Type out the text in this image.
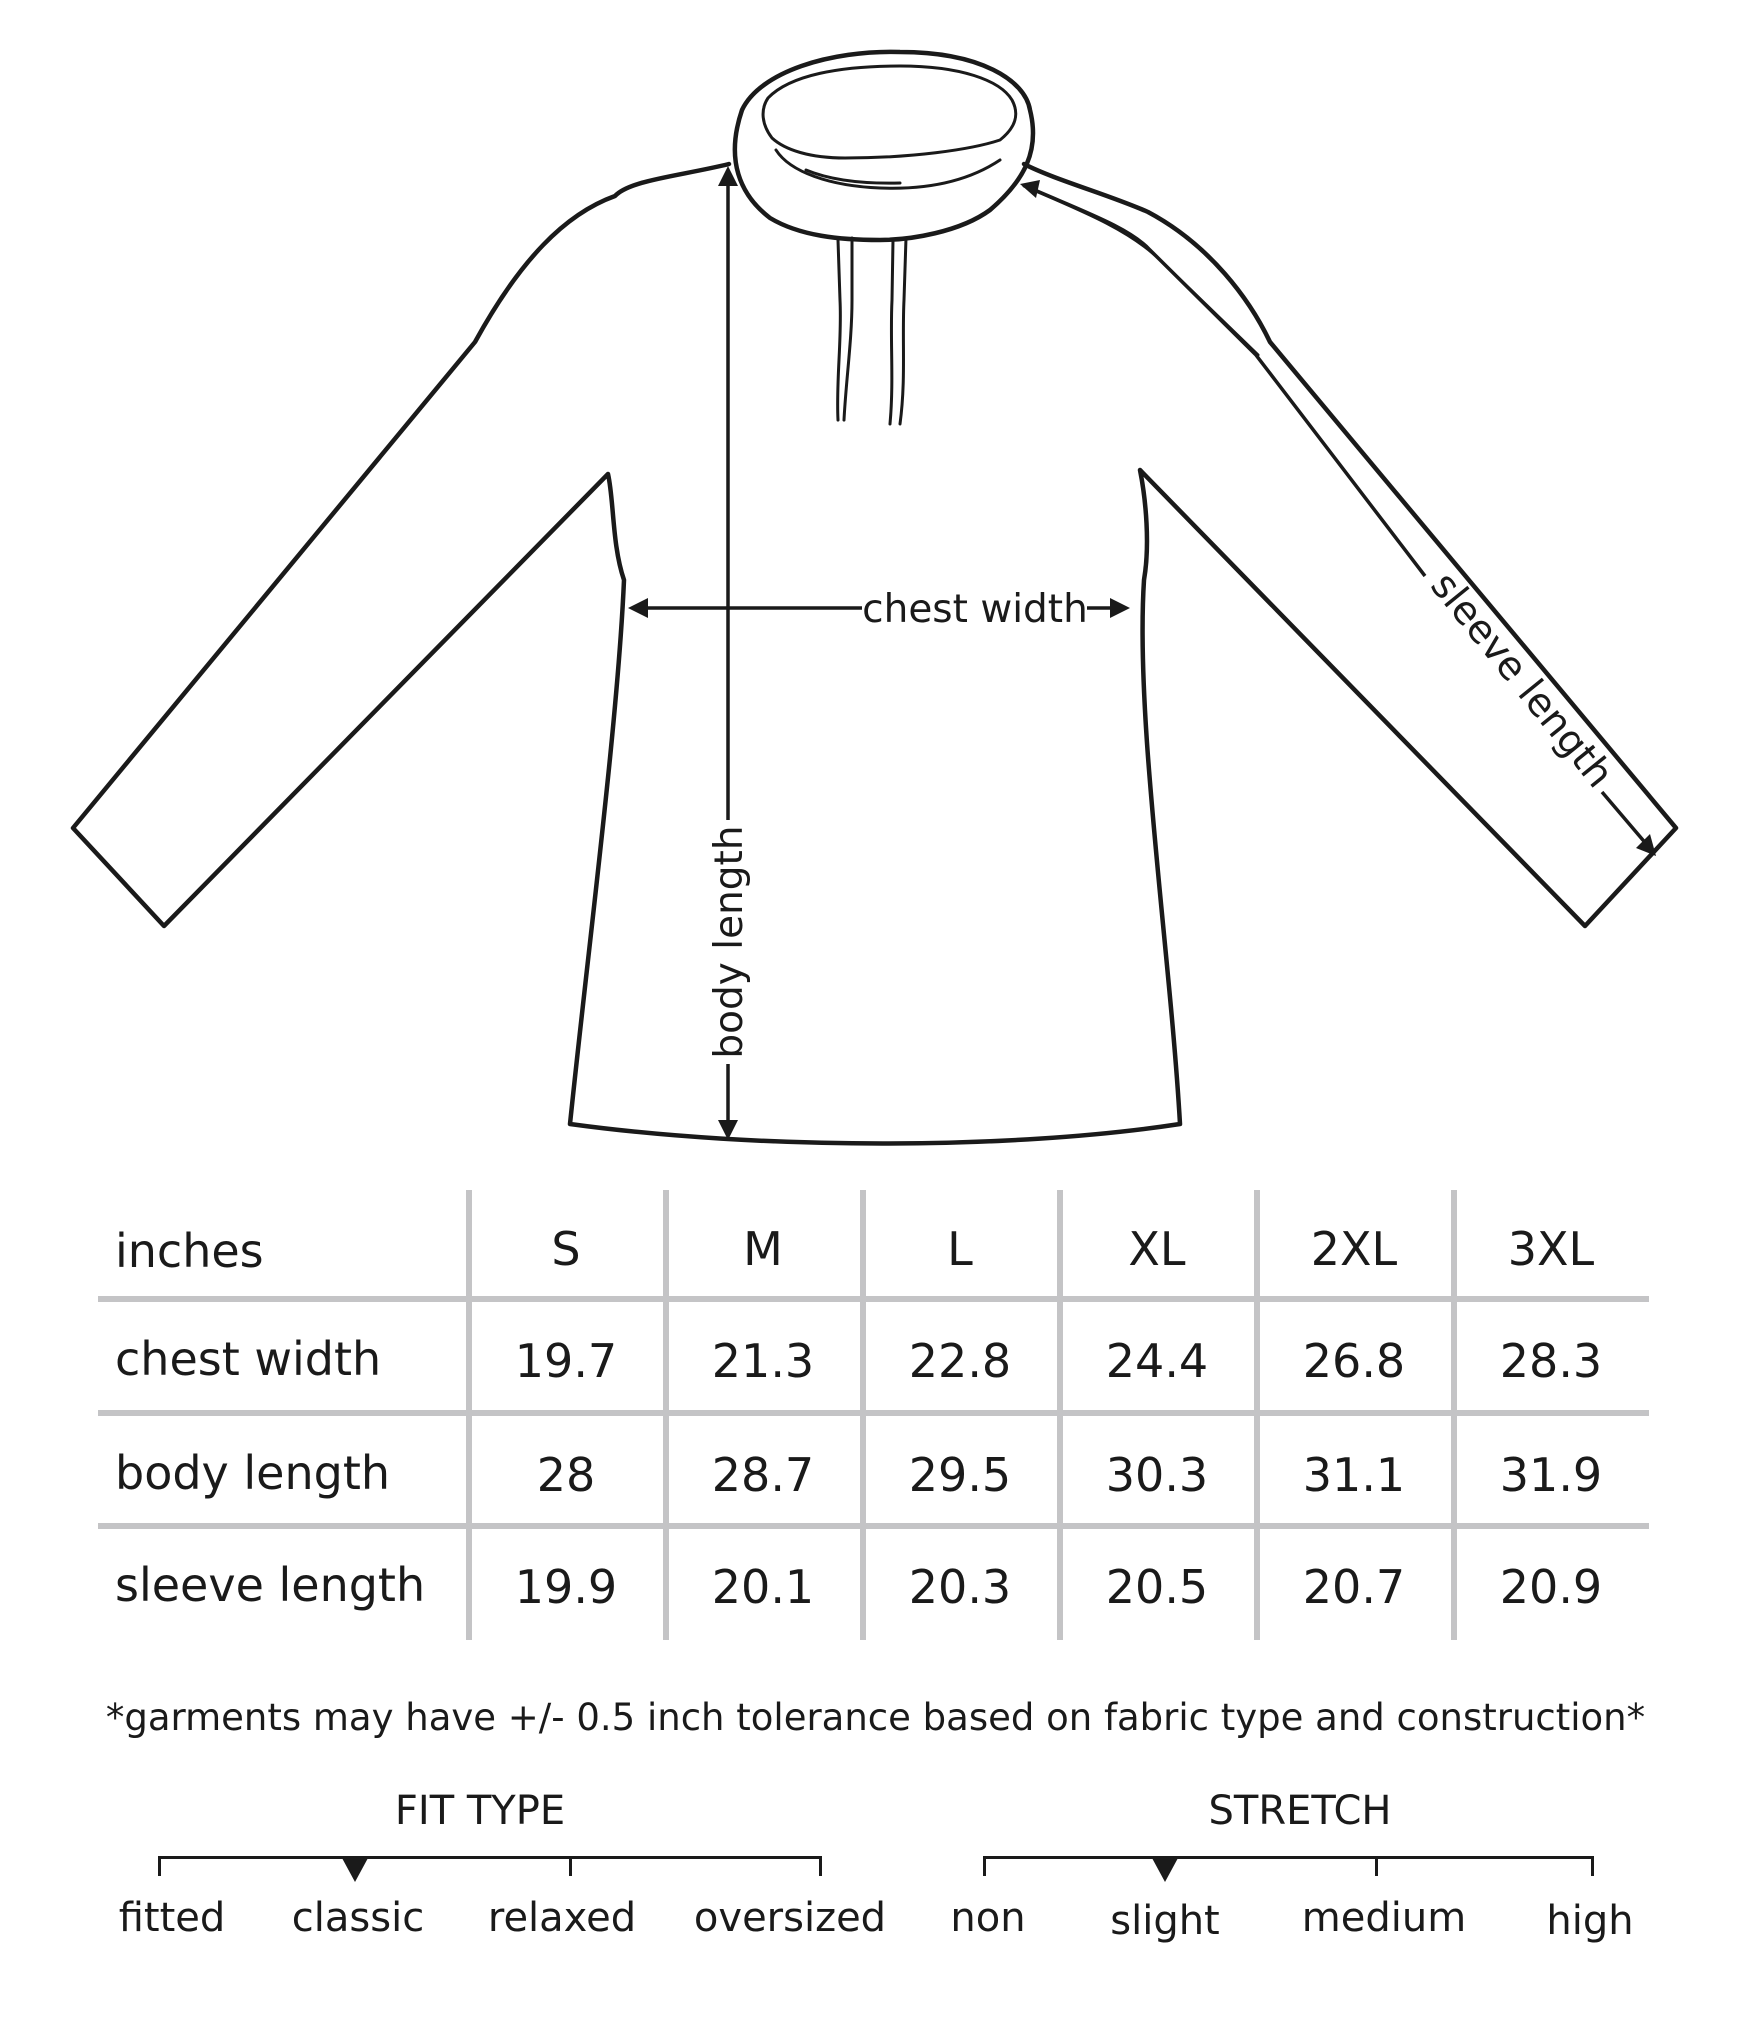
chest width
body length
sleeve length
inches	S	M	L	XL	2XL	3XL
chest width	19.7	21.3	22.8	24.4	26.8	28.3
body length	28	28.7	29.5	30.3	31.1	31.9
sleeve length	19.9	20.1	20.3	20.5	20.7	20.9
*garments may have +/- 0.5 inch tolerance based on fabric type and construction*
FIT TYPE
fitted classic relaxed oversized
STRETCH
non slight medium high
